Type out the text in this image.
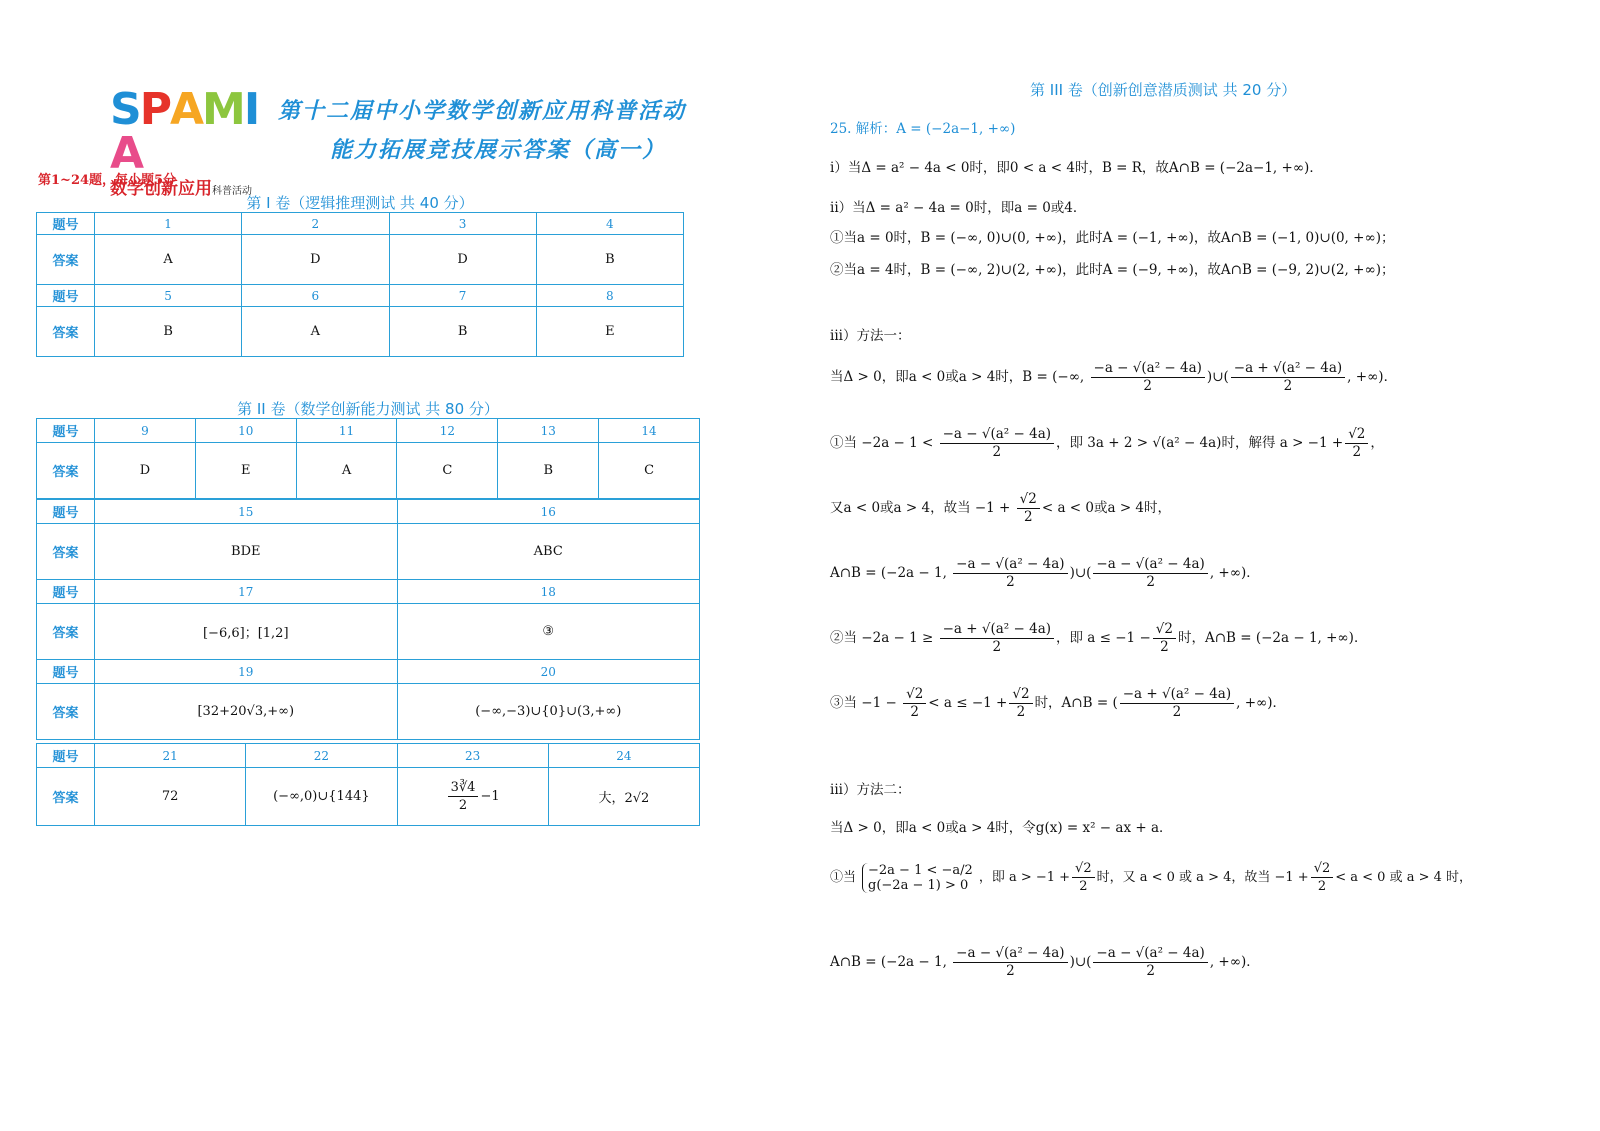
SPAMIA
数学创新应用科普活动
第十二届中小学数学创新应用科普活动
能力拓展竞技展示答案（高一）
第1~24题，每小题5分
第 I 卷（逻辑推理测试 共 40 分）
题号	1	2	3	4
答案	A	D	D	B
题号	5	6	7	8
答案	B	A	B	E
第 II 卷（数学创新能力测试 共 80 分）
题号	9	10	11	12	13	14
答案	D	E	A	C	B	C
题号	15	16
答案	BDE	ABC
题号	17	18
答案	[−6,6]；[1,2]	③
题号	19	20
答案	[32+20√3,+∞)	(−∞,−3)∪{0}∪(3,+∞)
题号	21	22	23	24
答案	72	(−∞,0)∪{144}	$\frac{3∛4}{2} -1$	大，2√2
第 III 卷（创新创意潜质测试 共 20 分）
25. 解析：A = (−2a−1, +∞)
i）当Δ = a² − 4a < 0时，即0 < a < 4时，B = R，故A∩B = (−2a−1, +∞)．
ii）当Δ = a² − 4a = 0时，即a = 0或4．
①当a = 0时，B = (−∞, 0)∪(0, +∞)，此时A = (−1, +∞)，故A∩B = (−1, 0)∪(0, +∞)；
②当a = 4时，B = (−∞, 2)∪(2, +∞)，此时A = (−9, +∞)，故A∩B = (−9, 2)∪(2, +∞)；
iii）方法一：
当Δ > 0，即a < 0或a > 4时，B = (−∞, $\frac{\text{−a − √(a² − 4a)}}{2}$ )∪( $\frac{\text{−a + √(a² − 4a)}}{2}$ , +∞)．
①当 $-2a - 1 < \frac{\text{−a − √(a² − 4a)}}{2}$ ，即 3a + 2 > √(a² − 4a)时，解得 $a > -1 + \frac{√2}{2}$ ，
又a < 0或a > 4，故当 $-1 + \frac{√2}{2} < a < 0$或a > 4时，
A∩B = (−2a − 1, $\frac{\text{−a − √(a² − 4a)}}{2}$ )∪( $\frac{\text{−a − √(a² − 4a)}}{2}$ , +∞)．
②当 $-2a - 1 \ge \frac{\text{−a + √(a² − 4a)}}{2}$ ，即 $a \le -1 - \frac{√2}{2}$ 时，A∩B = (−2a − 1, +∞)．
③当 $-1 - \frac{√2}{2} < a \le -1 + \frac{√2}{2}$ 时，A∩B = ( $\frac{\text{−a + √(a² − 4a)}}{2}$ , +∞)．
iii）方法二：
当Δ > 0，即a < 0或a > 4时，令g(x) = x² − ax + a．
①当 −2a − 1 < −a/2
g(−2a − 1) > 0 ，即 $a > -1 + \frac{√2}{2}$ 时，又 a < 0 或 a > 4，故当 $-1 + \frac{√2}{2} < a < 0$ 或 a > 4 时，
A∩B = (−2a − 1, $\frac{\text{−a − √(a² − 4a)}}{2}$ )∪( $\frac{\text{−a − √(a² − 4a)}}{2}$ , +∞)．
